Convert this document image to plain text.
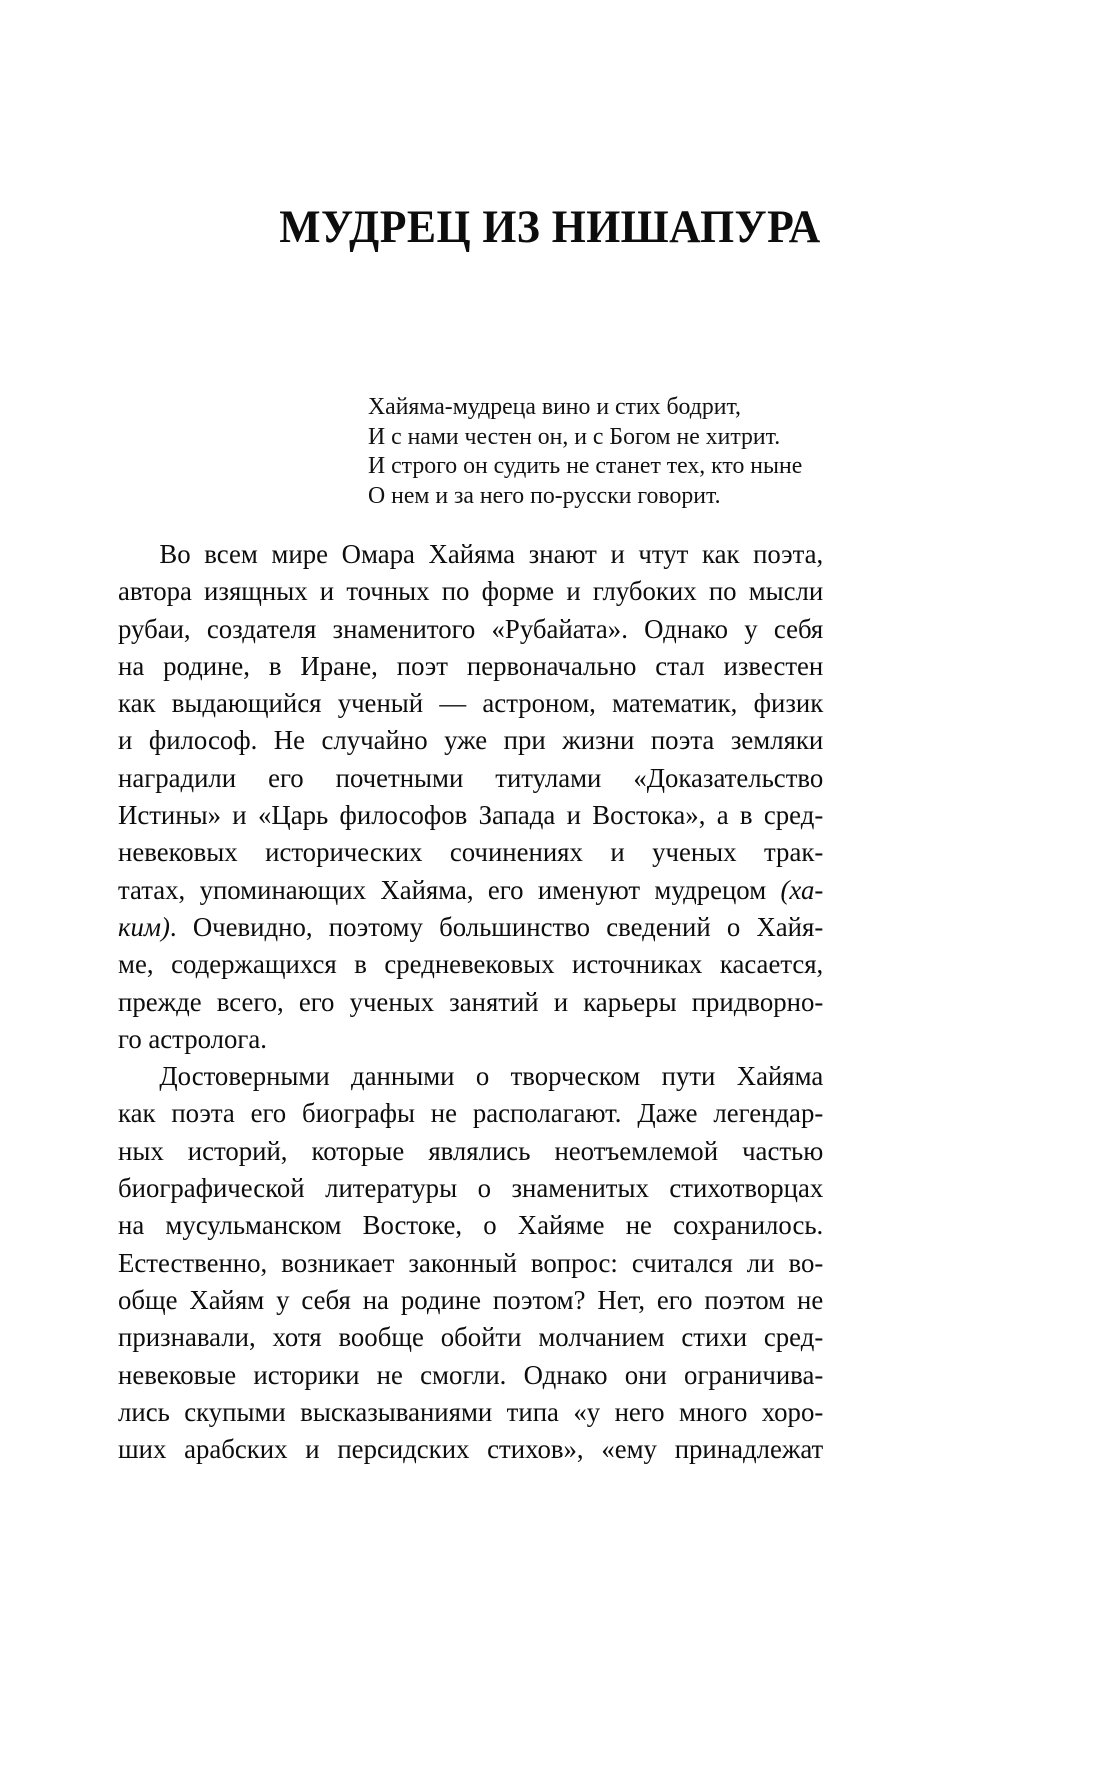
МУДРЕЦ ИЗ НИШАПУРА
Хайяма-мудреца вино и стих бодрит,
И с нами честен он, и с Богом не хитрит.
И строго он судить не станет тех, кто ныне
О нем и за него по-русски говорит.
Во всем мире Омара Хайяма знают и чтут как поэта,
автора изящных и точных по форме и глубоких по мысли
рубаи, создателя знаменитого «Рубайата». Однако у себя
на родине, в Иране, поэт первоначально стал известен
как выдающийся ученый — астроном, математик, физик
и философ. Не случайно уже при жизни поэта земляки
наградили его почетными титулами «Доказательство
Истины» и «Царь философов Запада и Востока», а в сред-
невековых исторических сочинениях и ученых трак-
татах, упоминающих Хайяма, его именуют мудрецом (ха-
ким). Очевидно, поэтому большинство сведений о Хайя-
ме, содержащихся в средневековых источниках касается,
прежде всего, его ученых занятий и карьеры придворно-
го астролога.
Достоверными данными о творческом пути Хайяма
как поэта его биографы не располагают. Даже легендар-
ных историй, которые являлись неотъемлемой частью
биографической литературы о знаменитых стихотворцах
на мусульманском Востоке, о Хайяме не сохранилось.
Естественно, возникает законный вопрос: считался ли во-
обще Хайям у себя на родине поэтом? Нет, его поэтом не
признавали, хотя вообще обойти молчанием стихи сред-
невековые историки не смогли. Однако они ограничива-
лись скупыми высказываниями типа «у него много хоро-
ших арабских и персидских стихов», «ему принадлежат
